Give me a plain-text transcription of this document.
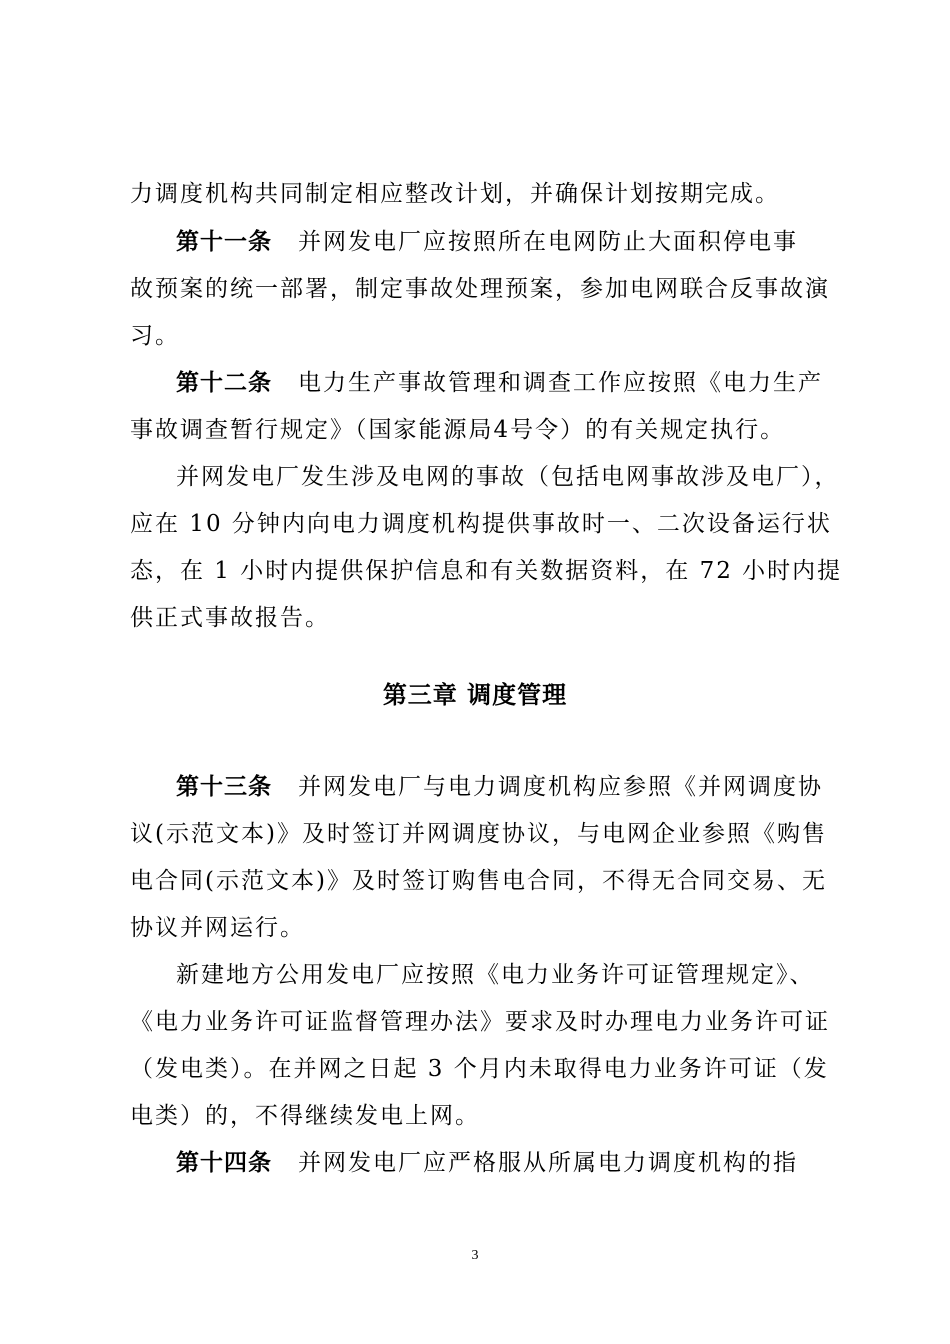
力调度机构共同制定相应整改计划，并确保计划按期完成。
第十一条 并网发电厂应按照所在电网防止大面积停电事
故预案的统一部署，制定事故处理预案，参加电网联合反事故演
习。
第十二条 电力生产事故管理和调查工作应按照《电力生产
事故调查暂行规定》（国家能源局4号令）的有关规定执行。
并网发电厂发生涉及电网的事故（包括电网事故涉及电厂），
应在 10 分钟内向电力调度机构提供事故时一、二次设备运行状
态，在 1 小时内提供保护信息和有关数据资料，在 72 小时内提
供正式事故报告。
第三章 调度管理
第十三条 并网发电厂与电力调度机构应参照《并网调度协
议(示范文本)》及时签订并网调度协议，与电网企业参照《购售
电合同(示范文本)》及时签订购售电合同，不得无合同交易、无
协议并网运行。
新建地方公用发电厂应按照《电力业务许可证管理规定》、
《电力业务许可证监督管理办法》要求及时办理电力业务许可证
（发电类）。在并网之日起 3 个月内未取得电力业务许可证（发
电类）的，不得继续发电上网。
第十四条 并网发电厂应严格服从所属电力调度机构的指
3
